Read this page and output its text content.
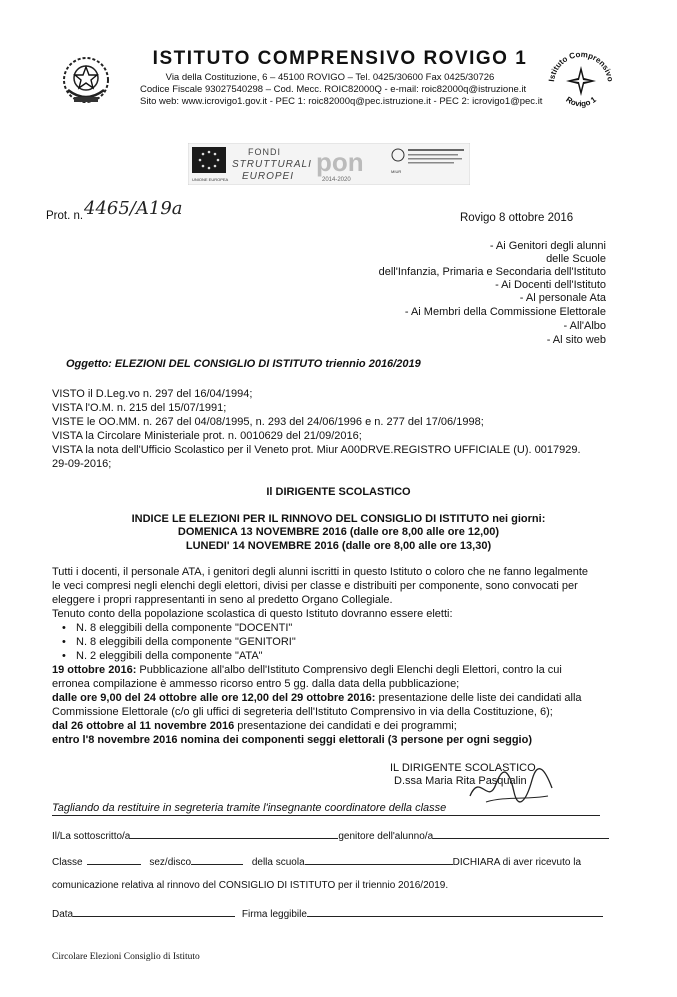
ISTITUTO COMPRENSIVO ROVIGO 1
Via della Costituzione, 6 – 45100 ROVIGO – Tel. 0425/30600 Fax 0425/30726
Codice Fiscale 93027540298 – Cod. Mecc. ROIC82000Q - e-mail: roic82000q@istruzione.it
Sito web: www.icrovigo1.gov.it - PEC 1: roic82000q@pec.istruzione.it - PEC 2: icrovigo1@pec.it
Istituto Comprensivo
Rovigo 1
UNIONE EUROPEA
FONDI
STRUTTURALI
EUROPEI pon
2014-2020
MIUR
Prot. n. 4465/A19a	Rovigo 8 ottobre 2016
- Ai Genitori degli alunni
delle Scuole
dell'Infanzia, Primaria e Secondaria dell'Istituto
- Ai Docenti dell'Istituto
- Al personale Ata
- Ai Membri della Commissione Elettorale
- All'Albo
- Al sito web
Oggetto: ELEZIONI DEL CONSIGLIO DI ISTITUTO triennio 2016/2019
VISTO il D.Leg.vo n. 297 del 16/04/1994;
VISTA l'O.M. n. 215 del 15/07/1991;
VISTE le OO.MM. n. 267 del 04/08/1995, n. 293 del 24/06/1996 e n. 277 del 17/06/1998;
VISTA la Circolare Ministeriale prot. n. 0010629 del 21/09/2016;
VISTA la nota dell'Ufficio Scolastico per il Veneto prot. Miur A00DRVE.REGISTRO UFFICIALE (U). 0017929.
29-09-2016;
Il DIRIGENTE SCOLASTICO
INDICE LE ELEZIONI PER IL RINNOVO DEL CONSIGLIO DI ISTITUTO nei giorni:
DOMENICA 13 NOVEMBRE 2016 (dalle ore 8,00 alle ore 12,00)
LUNEDI' 14 NOVEMBRE 2016 (dalle ore 8,00 alle ore 13,30)
Tutti i docenti, il personale ATA, i genitori degli alunni iscritti in questo Istituto o coloro che ne fanno legalmente
le veci compresi negli elenchi degli elettori, divisi per classe e distribuiti per componente, sono convocati per
eleggere i propri rappresentanti in seno al predetto Organo Collegiale.
Tenuto conto della popolazione scolastica di questo Istituto dovranno essere eletti:
• N. 8 eleggibili della componente "DOCENTI"
• N. 8 eleggibili della componente "GENITORI"
• N. 2 eleggibili della componente "ATA"
19 ottobre 2016: Pubblicazione all'albo dell'Istituto Comprensivo degli Elenchi degli Elettori, contro la cui
erronea compilazione è ammesso ricorso entro 5 gg. dalla data della pubblicazione;
dalle ore 9,00 del 24 ottobre alle ore 12,00 del 29 ottobre 2016: presentazione delle liste dei candidati alla
Commissione Elettorale (c/o gli uffici di segreteria dell'Istituto Comprensivo in via della Costituzione, 6);
dal 26 ottobre al 11 novembre 2016 presentazione dei candidati e dei programmi;
entro l'8 novembre 2016 nomina dei componenti seggi elettorali (3 persone per ogni seggio)
IL DIRIGENTE SCOLASTICO
D.ssa Maria Rita Pasqualin
Tagliando da restituire in segreteria tramite l'insegnante coordinatore della classe
Il/La sottoscritto/a	genitore dell'alunno/a
Classe	sez/disco	della scuola	DICHIARA di aver ricevuto la
comunicazione relativa al rinnovo del CONSIGLIO DI ISTITUTO per il triennio 2016/2019.
Data	Firma leggibile
Circolare Elezioni Consiglio di Istituto
